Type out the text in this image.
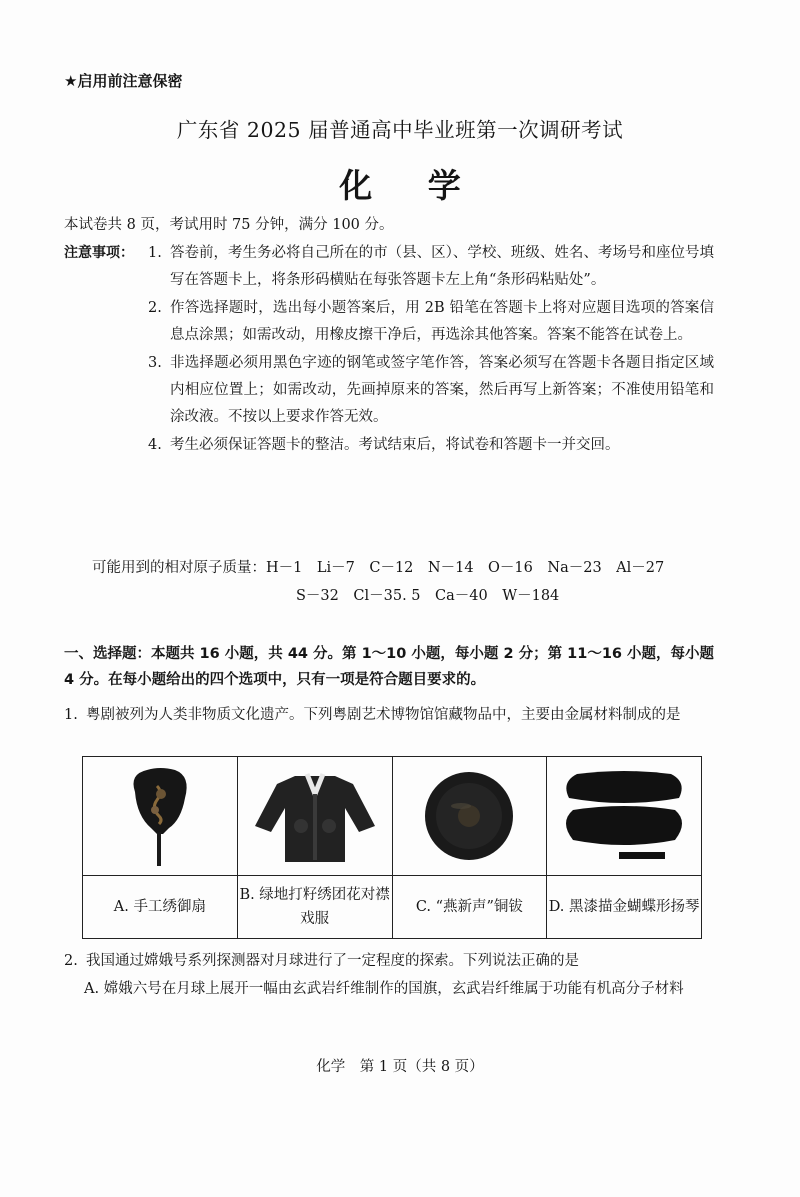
★启用前注意保密
广东省 2025 届普通高中毕业班第一次调研考试
化 学
本试卷共 8 页，考试用时 75 分钟，满分 100 分。
注意事项： 1. 答卷前，考生务必将自己所在的市（县、区）、学校、班级、姓名、考场号和座位号填写在答题卡上，将条形码横贴在每张答题卡左上角“条形码粘贴处”。
2. 作答选择题时，选出每小题答案后，用 2B 铅笔在答题卡上将对应题目选项的答案信息点涂黑；如需改动，用橡皮擦干净后，再选涂其他答案。答案不能答在试卷上。
3. 非选择题必须用黑色字迹的钢笔或签字笔作答，答案必须写在答题卡各题目指定区域内相应位置上；如需改动，先画掉原来的答案，然后再写上新答案；不准使用铅笔和涂改液。不按以上要求作答无效。
4. 考生必须保证答题卡的整洁。考试结束后，将试卷和答题卡一并交回。
可能用到的相对原子质量：H－1　Li－7　C－12　N－14　O－16　Na－23　Al－27
S－32　Cl－35. 5　Ca－40　W－184
一、选择题：本题共 16 小题，共 44 分。第 1～10 小题，每小题 2 分；第 11～16 小题，每小题 4 分。在每小题给出的四个选项中，只有一项是符合题目要求的。
1. 粤剧被列为人类非物质文化遗产。下列粤剧艺术博物馆馆藏物品中，主要由金属材料制成的是

A. 手工绣御扇	B. 绿地打籽绣团花对襟戏服	C. “燕新声”铜钹	D. 黑漆描金蝴蝶形扬琴
2. 我国通过嫦娥号系列探测器对月球进行了一定程度的探索。下列说法正确的是
A. 嫦娥六号在月球上展开一幅由玄武岩纤维制作的国旗，玄武岩纤维属于功能有机高分子材料
化学　第 1 页（共 8 页）
